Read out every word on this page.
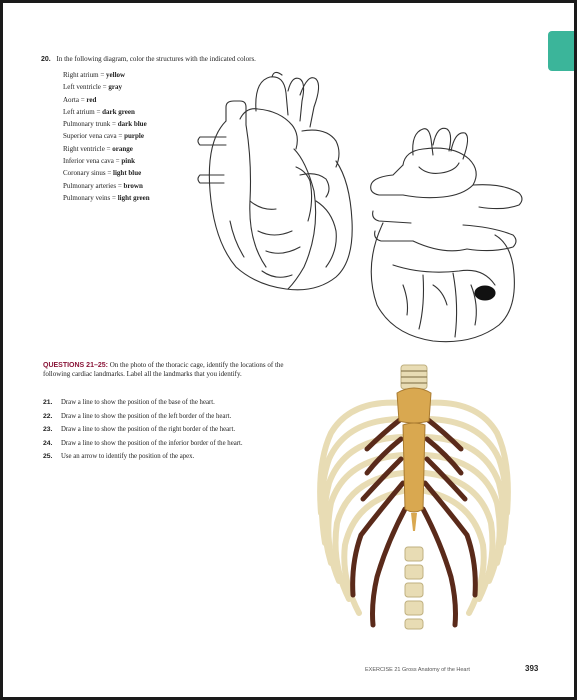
20. In the following diagram, color the structures with the indicated colors.
Right atrium = yellow
Left ventricle = gray
Aorta = red
Left atrium = dark green
Pulmonary trunk = dark blue
Superior vena cava = purple
Right ventricle = orange
Inferior vena cava = pink
Coronary sinus = light blue
Pulmonary arteries = brown
Pulmonary veins = light green
QUESTIONS 21–25: On the photo of the thoracic cage, identify the locations of the following cardiac landmarks. Label all the landmarks that you identify.
21.	Draw a line to show the position of the base of the heart.
22.	Draw a line to show the position of the left border of the heart.
23.	Draw a line to show the position of the right border of the heart.
24.	Draw a line to show the position of the inferior border of the heart.
25.	Use an arrow to identify the position of the apex.
EXERCISE 21 Gross Anatomy of the Heart	393
